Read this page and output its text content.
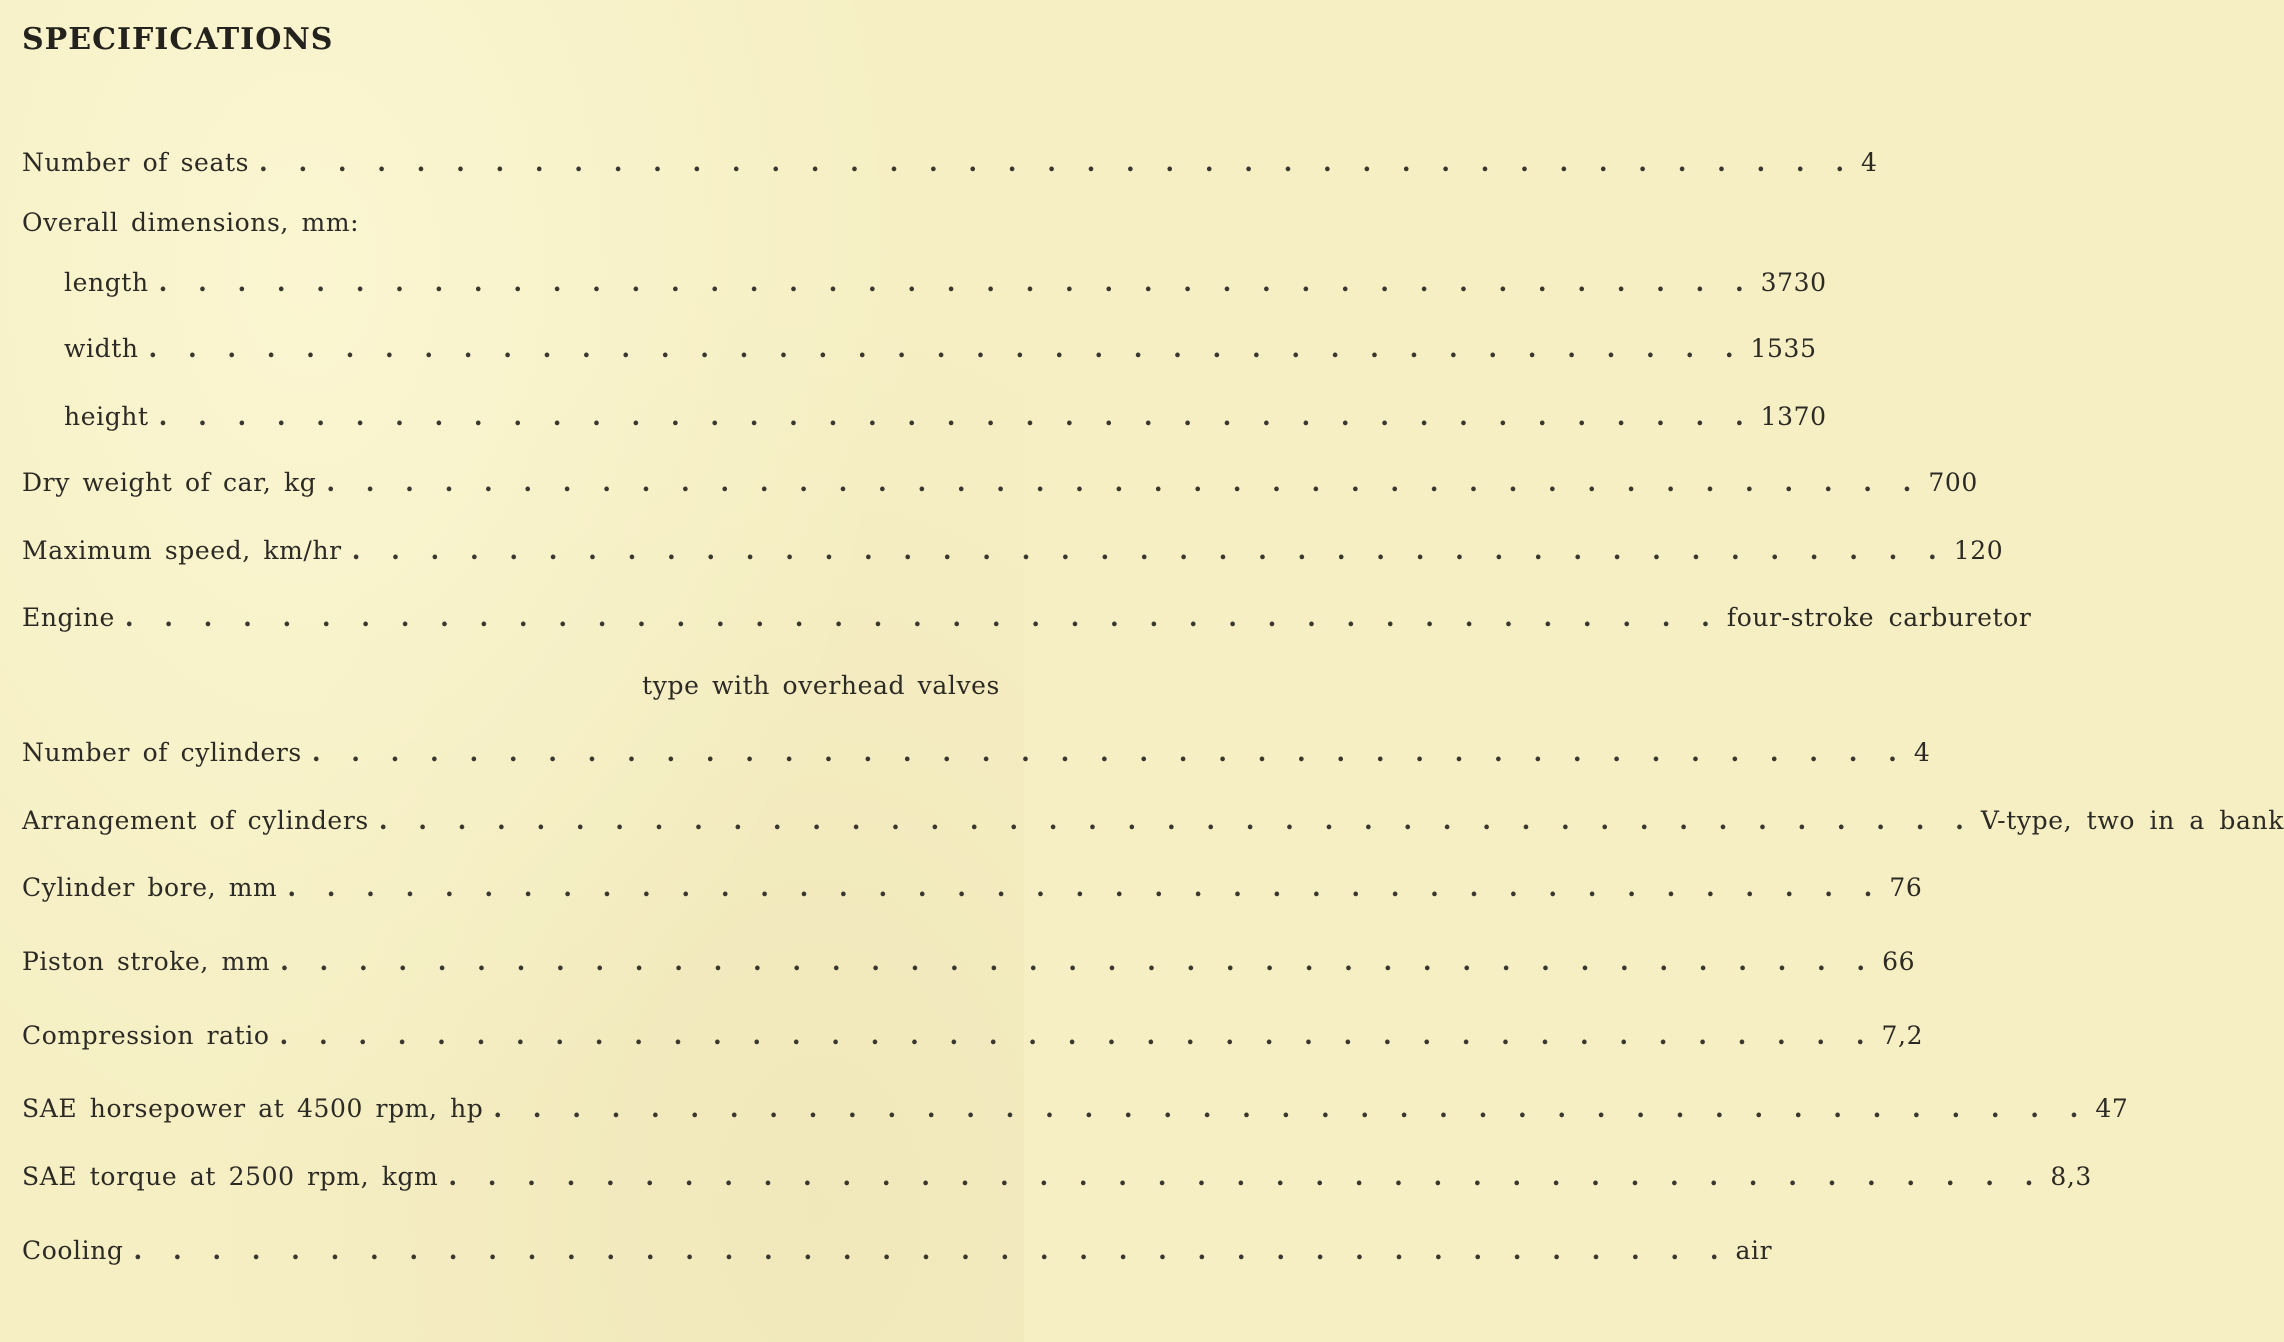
SPECIFICATIONS
Number of seats . . . . . . . . . . . . . . . . . . . . . . . . . . . . . . . . . . . . . . . . . 4
Overall dimensions, mm:
length . . . . . . . . . . . . . . . . . . . . . . . . . . . . . . . . . . . . . . . . . 3730
width . . . . . . . . . . . . . . . . . . . . . . . . . . . . . . . . . . . . . . . . . 1535
height . . . . . . . . . . . . . . . . . . . . . . . . . . . . . . . . . . . . . . . . . 1370
Dry weight of car, kg . . . . . . . . . . . . . . . . . . . . . . . . . . . . . . . . . . . . . . . . . 700
Maximum speed, km/hr . . . . . . . . . . . . . . . . . . . . . . . . . . . . . . . . . . . . . . . . . 120
Engine . . . . . . . . . . . . . . . . . . . . . . . . . . . . . . . . . . . . . . . . . four-stroke carburetor
type with overhead valves
Number of cylinders . . . . . . . . . . . . . . . . . . . . . . . . . . . . . . . . . . . . . . . . . 4
Arrangement of cylinders . . . . . . . . . . . . . . . . . . . . . . . . . . . . . . . . . . . . . . . . . V-type, two in a bank
Cylinder bore, mm . . . . . . . . . . . . . . . . . . . . . . . . . . . . . . . . . . . . . . . . . 76
Piston stroke, mm . . . . . . . . . . . . . . . . . . . . . . . . . . . . . . . . . . . . . . . . . 66
Compression ratio . . . . . . . . . . . . . . . . . . . . . . . . . . . . . . . . . . . . . . . . . 7,2
SAE horsepower at 4500 rpm, hp . . . . . . . . . . . . . . . . . . . . . . . . . . . . . . . . . . . . . . . . . 47
SAE torque at 2500 rpm, kgm . . . . . . . . . . . . . . . . . . . . . . . . . . . . . . . . . . . . . . . . . 8,3
Cooling . . . . . . . . . . . . . . . . . . . . . . . . . . . . . . . . . . . . . . . . . air
